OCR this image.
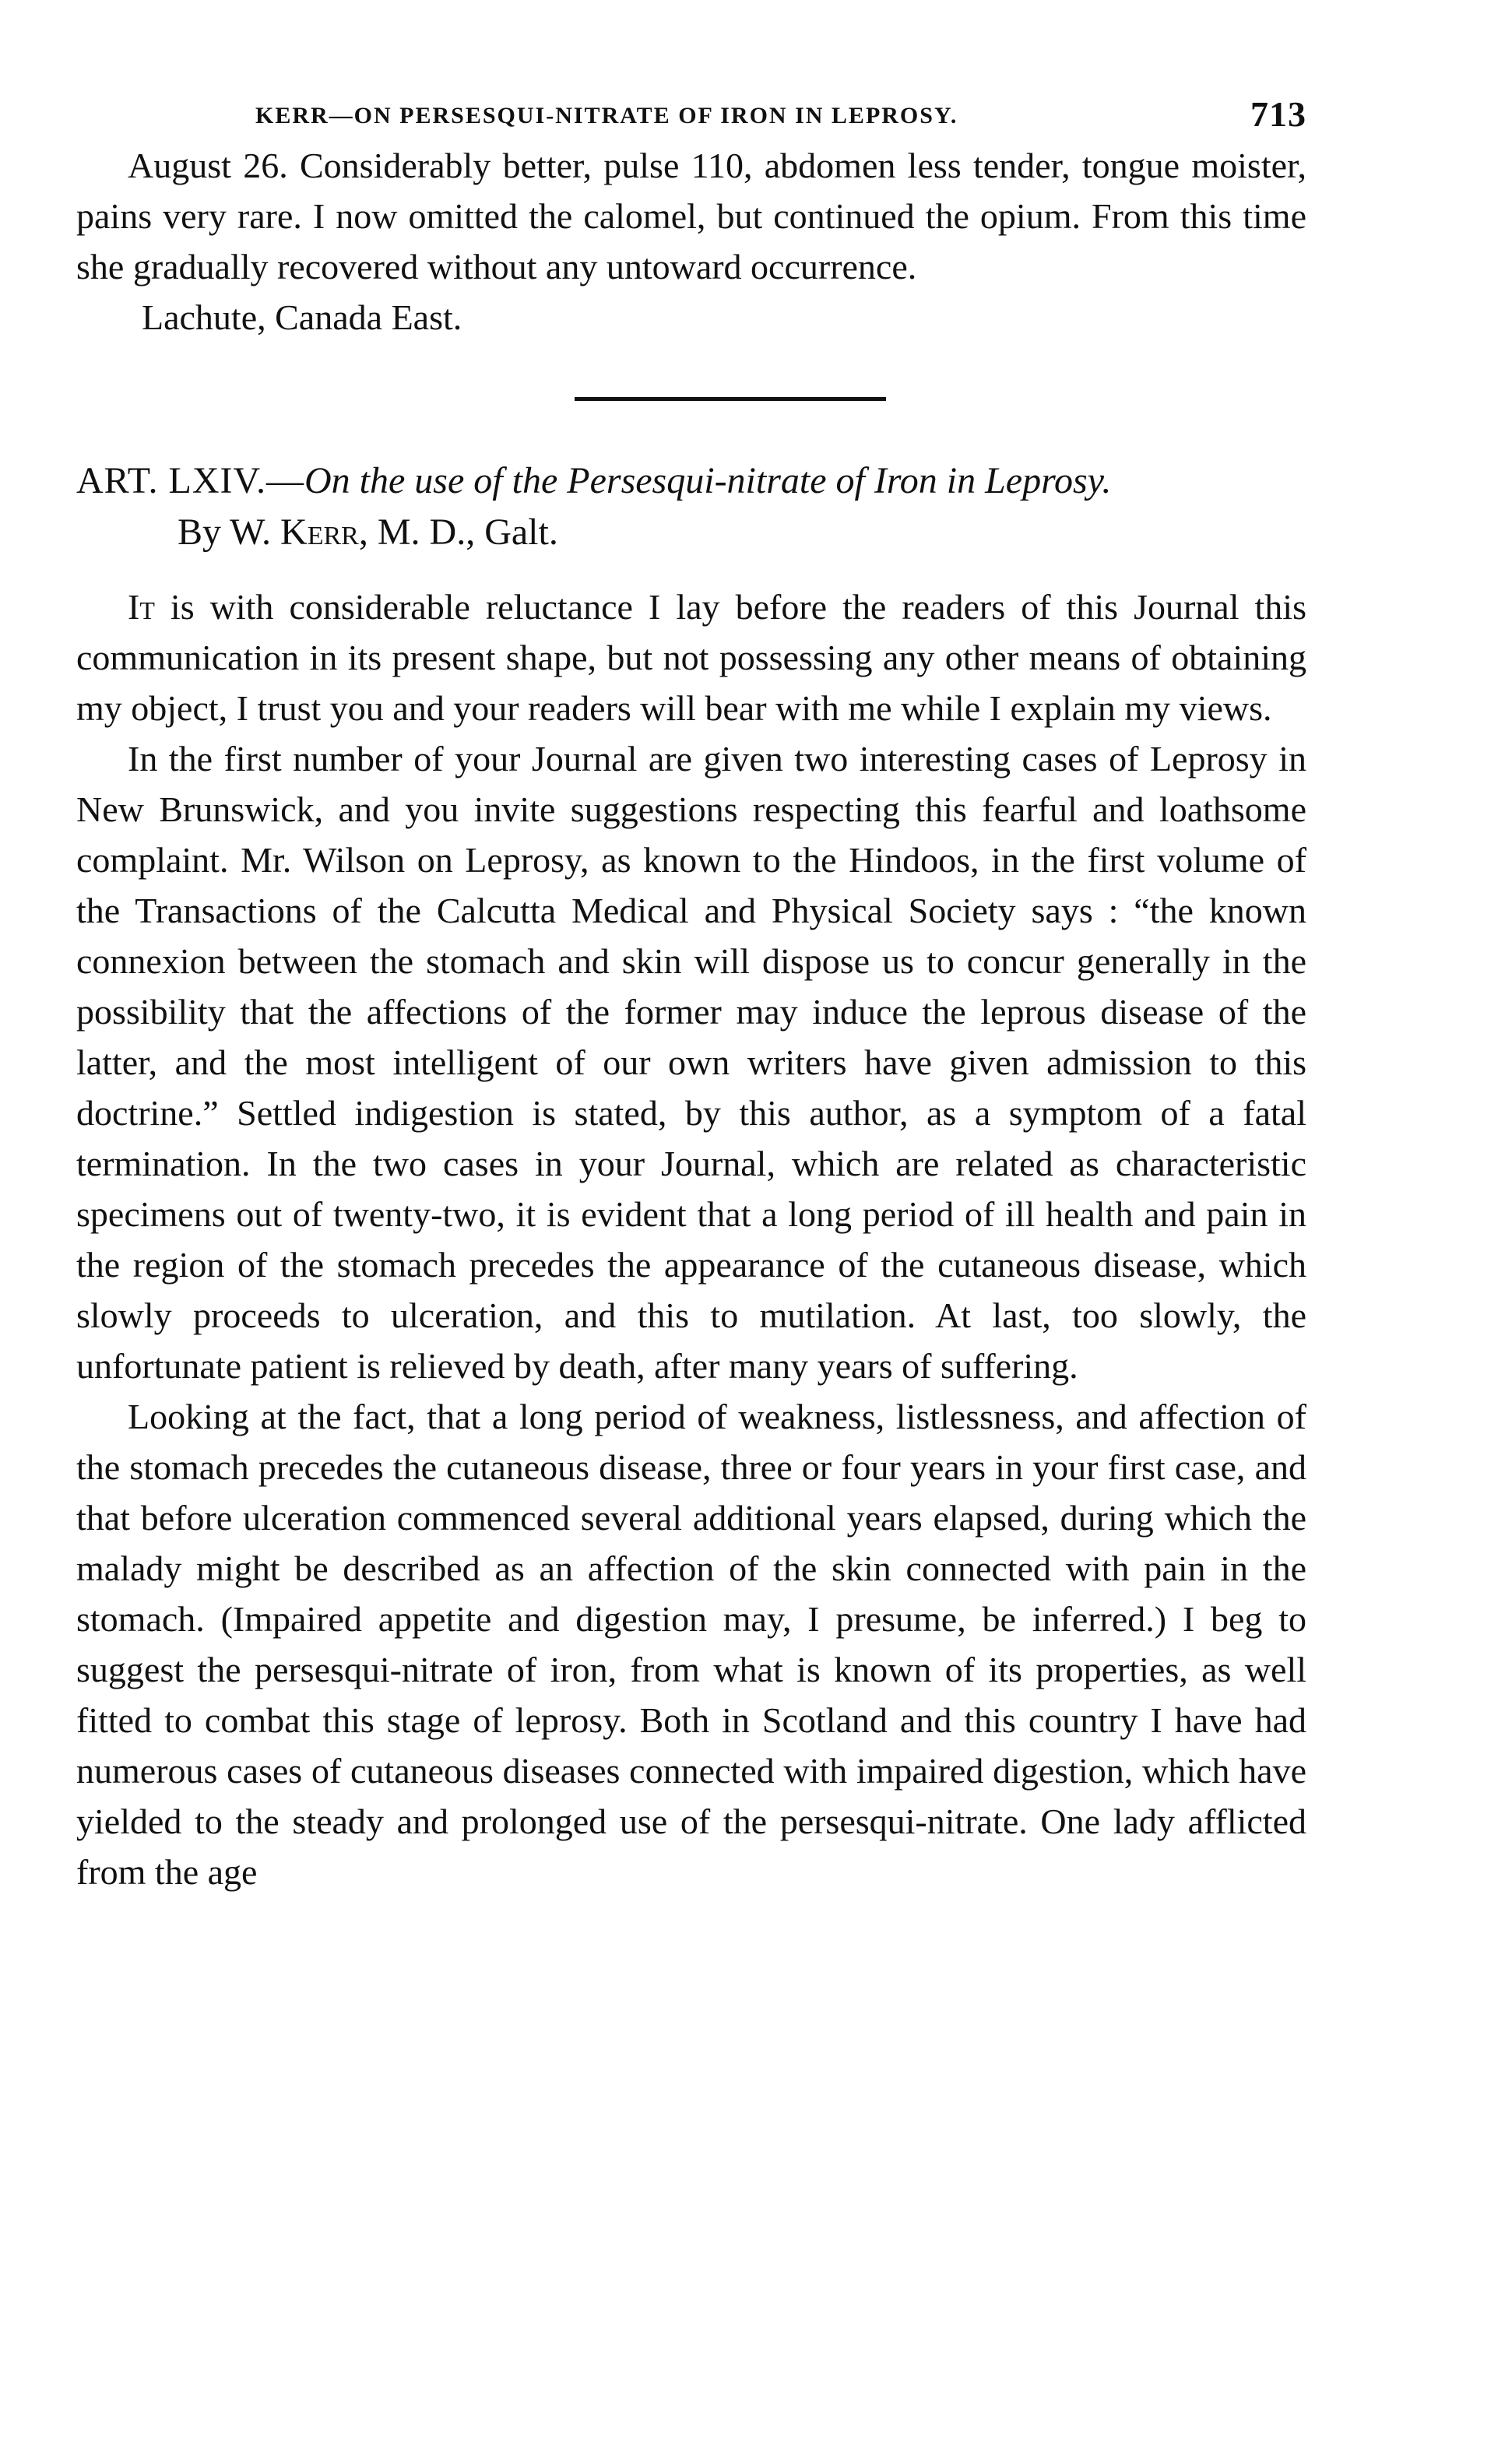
KERR—ON PERSESQUI-NITRATE OF IRON IN LEPROSY.	713

August 26. Considerably better, pulse 110, abdomen less tender, tongue moister, pains very rare. I now omitted the calomel, but continued the opium. From this time she gradually recovered without any untoward occurrence.

Lachute, Canada East.

ART. LXIV.—On the use of the Persesqui-nitrate of Iron in Leprosy.
By W. Kerr, M. D., Galt.

It is with considerable reluctance I lay before the readers of this Journal this communication in its present shape, but not possessing any other means of obtaining my object, I trust you and your readers will bear with me while I explain my views.

In the first number of your Journal are given two interesting cases of Leprosy in New Brunswick, and you invite suggestions respecting this fearful and loathsome complaint. Mr. Wilson on Leprosy, as known to the Hindoos, in the first volume of the Transactions of the Calcutta Medical and Physical Society says : “the known connexion between the stomach and skin will dispose us to concur generally in the possibility that the affections of the former may induce the leprous disease of the latter, and the most intelligent of our own writers have given admission to this doctrine.” Settled indigestion is stated, by this author, as a symptom of a fatal termination. In the two cases in your Journal, which are related as characteristic specimens out of twenty-two, it is evident that a long period of ill health and pain in the region of the stomach precedes the appearance of the cutaneous disease, which slowly proceeds to ulceration, and this to mutilation. At last, too slowly, the unfortunate patient is relieved by death, after many years of suffering.

Looking at the fact, that a long period of weakness, listlessness, and affection of the stomach precedes the cutaneous disease, three or four years in your first case, and that before ulceration commenced several additional years elapsed, during which the malady might be described as an affection of the skin connected with pain in the stomach. (Impaired appetite and digestion may, I presume, be inferred.) I beg to suggest the persesqui-nitrate of iron, from what is known of its properties, as well fitted to combat this stage of leprosy. Both in Scotland and this country I have had numerous cases of cutaneous diseases connected with impaired digestion, which have yielded to the steady and prolonged use of the persesqui-nitrate. One lady afflicted from the age
